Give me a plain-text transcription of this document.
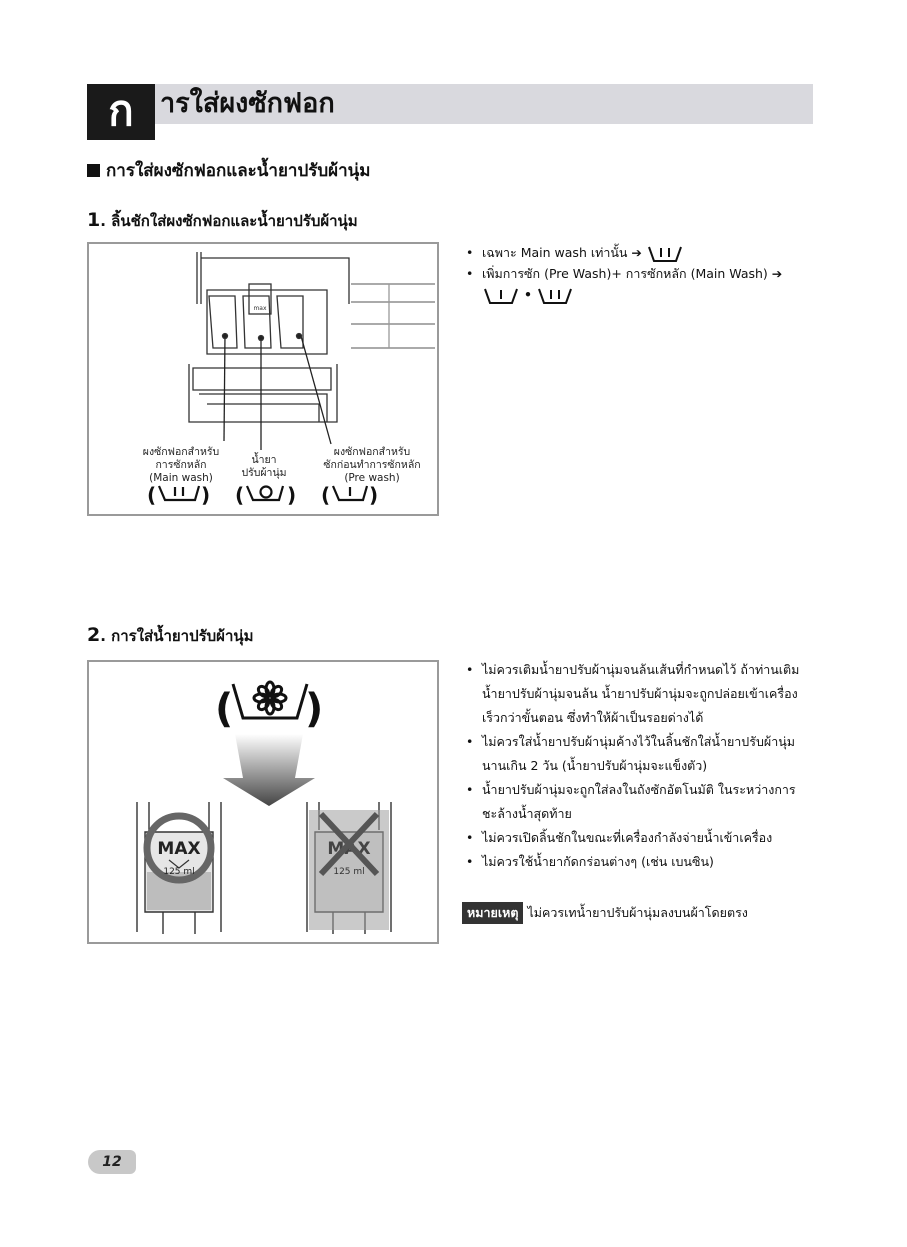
ก ารใส่ผงซักฟอก
การใส่ผงซักฟอกและน้ำยาปรับผ้านุ่ม
1. ลิ้นชักใส่ผงซักฟอกและน้ำยาปรับผ้านุ่ม
max
( ) ( ) ( )
ผงซักฟอกสำหรับ
การซักหลัก
(Main wash)
น้ำยา
ปรับผ้านุ่ม
ผงซักฟอกสำหรับ
ซักก่อนทำการซักหลัก
(Pre wash)
• เฉพาะ Main wash เท่านั้น ➔
• เพิ่มการซัก (Pre Wash)+ การซักหลัก (Main Wash) ➔
•
2. การใส่น้ำยาปรับผ้านุ่ม
( )
MAX
125 ml
MAX
125 ml
• ไม่ควรเติมน้ำยาปรับผ้านุ่มจนล้นเส้นที่กำหนดไว้ ถ้าท่านเติมน้ำยาปรับผ้านุ่มจนล้น น้ำยาปรับผ้านุ่มจะถูกปล่อยเข้าเครื่องเร็วกว่าขั้นตอน ซึ่งทำให้ผ้าเป็นรอยด่างได้
• ไม่ควรใส่น้ำยาปรับผ้านุ่มค้างไว้ในลิ้นชักใส่น้ำยาปรับผ้านุ่มนานเกิน 2 วัน (น้ำยาปรับผ้านุ่มจะแข็งตัว)
• น้ำยาปรับผ้านุ่มจะถูกใส่ลงในถังซักอัตโนมัติ ในระหว่างการชะล้างน้ำสุดท้าย
• ไม่ควรเปิดลิ้นชักในขณะที่เครื่องกำลังจ่ายน้ำเข้าเครื่อง
• ไม่ควรใช้น้ำยากัดกร่อนต่างๆ (เช่น เบนซิน)
หมายเหตุ ไม่ควรเทน้ำยาปรับผ้านุ่มลงบนผ้าโดยตรง
12
